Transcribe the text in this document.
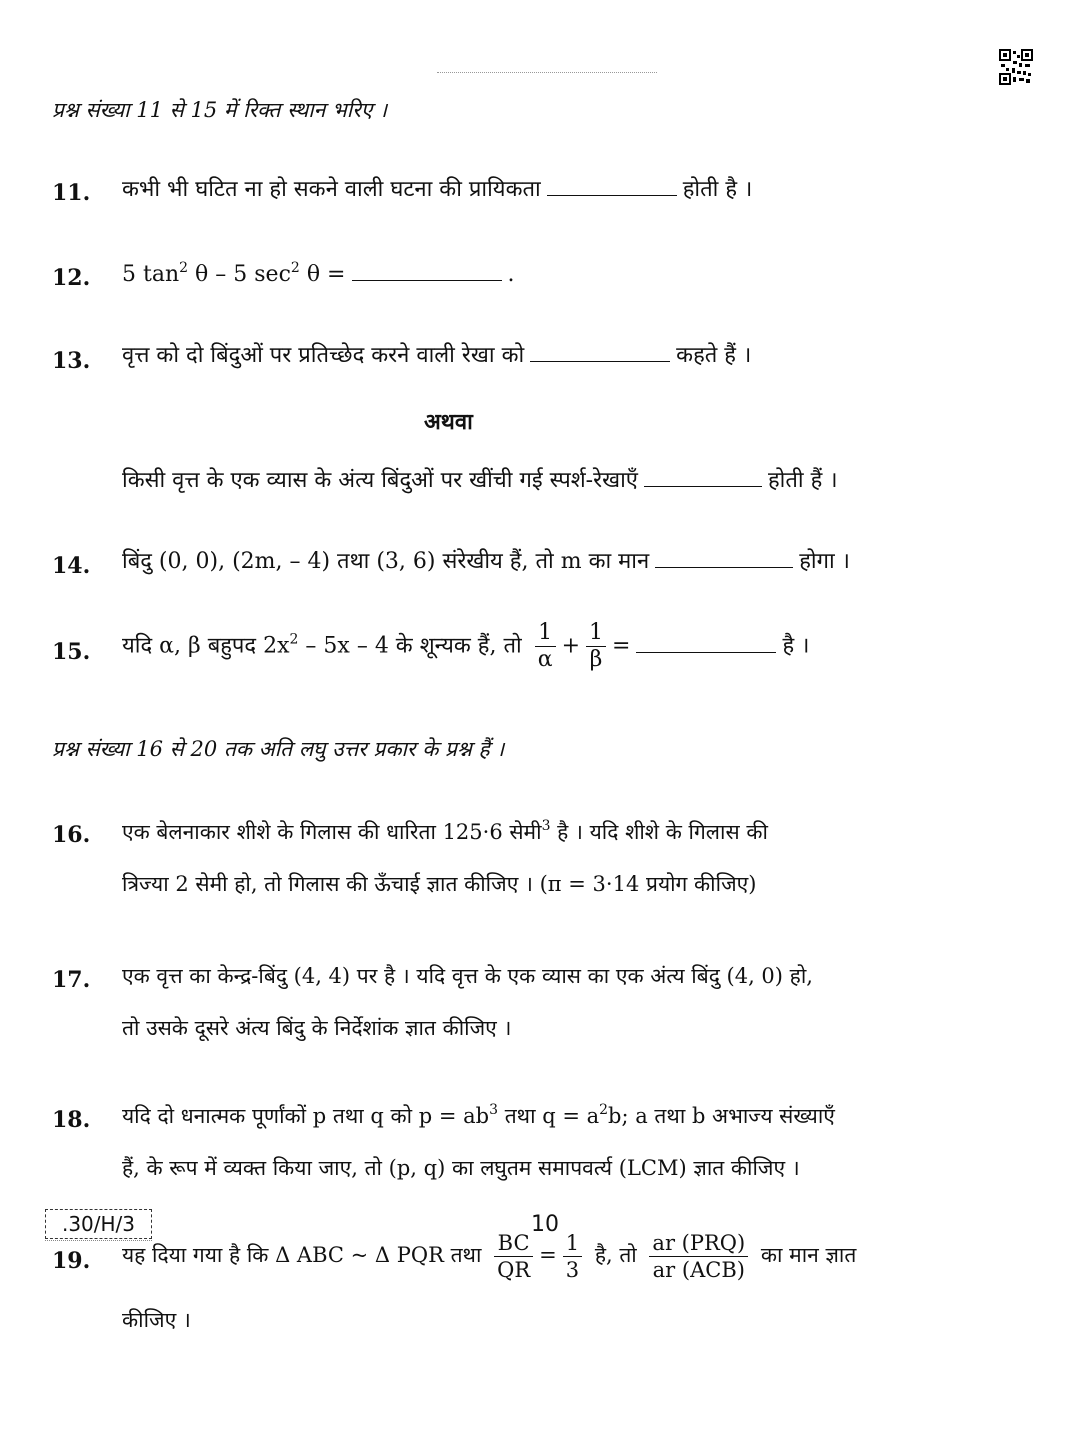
प्रश्न संख्या 11 से 15 में रिक्त स्थान भरिए ।
11. कभी भी घटित ना हो सकने वाली घटना की प्रायिकता	होती है ।
12. 5 $\tan^2 \theta - 5$ $\sec^2 \theta$ =	.
13. वृत्त को दो बिंदुओं पर प्रतिच्छेद करने वाली रेखा को	कहते हैं ।
अथवा
किसी वृत्त के एक व्यास के अंत्य बिंदुओं पर खींची गई स्पर्श-रेखाएँ	होती हैं ।
14. बिंदु (0, 0), (2m, – 4) तथा (3, 6) संरेखीय हैं, तो m का मान	होगा ।
15. यदि α, β बहुपद $2x^2 - 5x - 4$ के शून्यक हैं, तो $\frac{1}{\alpha} + \frac{1}{\beta}$ =	है ।
प्रश्न संख्या 16 से 20 तक अति लघु उत्तर प्रकार के प्रश्न हैं ।
16. एक बेलनाकार शीशे के गिलास की धारिता 125·6 सेमी$^3$ है । यदि शीशे के गिलास की
त्रिज्या 2 सेमी हो, तो गिलास की ऊँचाई ज्ञात कीजिए । (π = 3·14 प्रयोग कीजिए)
17. एक वृत्त का केन्द्र-बिंदु (4, 4) पर है । यदि वृत्त के एक व्यास का एक अंत्य बिंदु (4, 0) हो,
तो उसके दूसरे अंत्य बिंदु के निर्देशांक ज्ञात कीजिए ।
18. यदि दो धनात्मक पूर्णांकों p तथा q को $p = ab^3$ तथा $q = a^2b$; a तथा b अभाज्य संख्याएँ
हैं, के रूप में व्यक्त किया जाए, तो (p, q) का लघुतम समापवर्त्य (LCM) ज्ञात कीजिए ।
19. यह दिया गया है कि Δ ABC ~ Δ PQR तथा $\frac{BC}{QR} = \frac{1}{3}$ है, तो $\frac{\text{ar (PRQ)}}{\text{ar (ACB)}}$ का मान ज्ञात
कीजिए ।
.30/H/3	10
